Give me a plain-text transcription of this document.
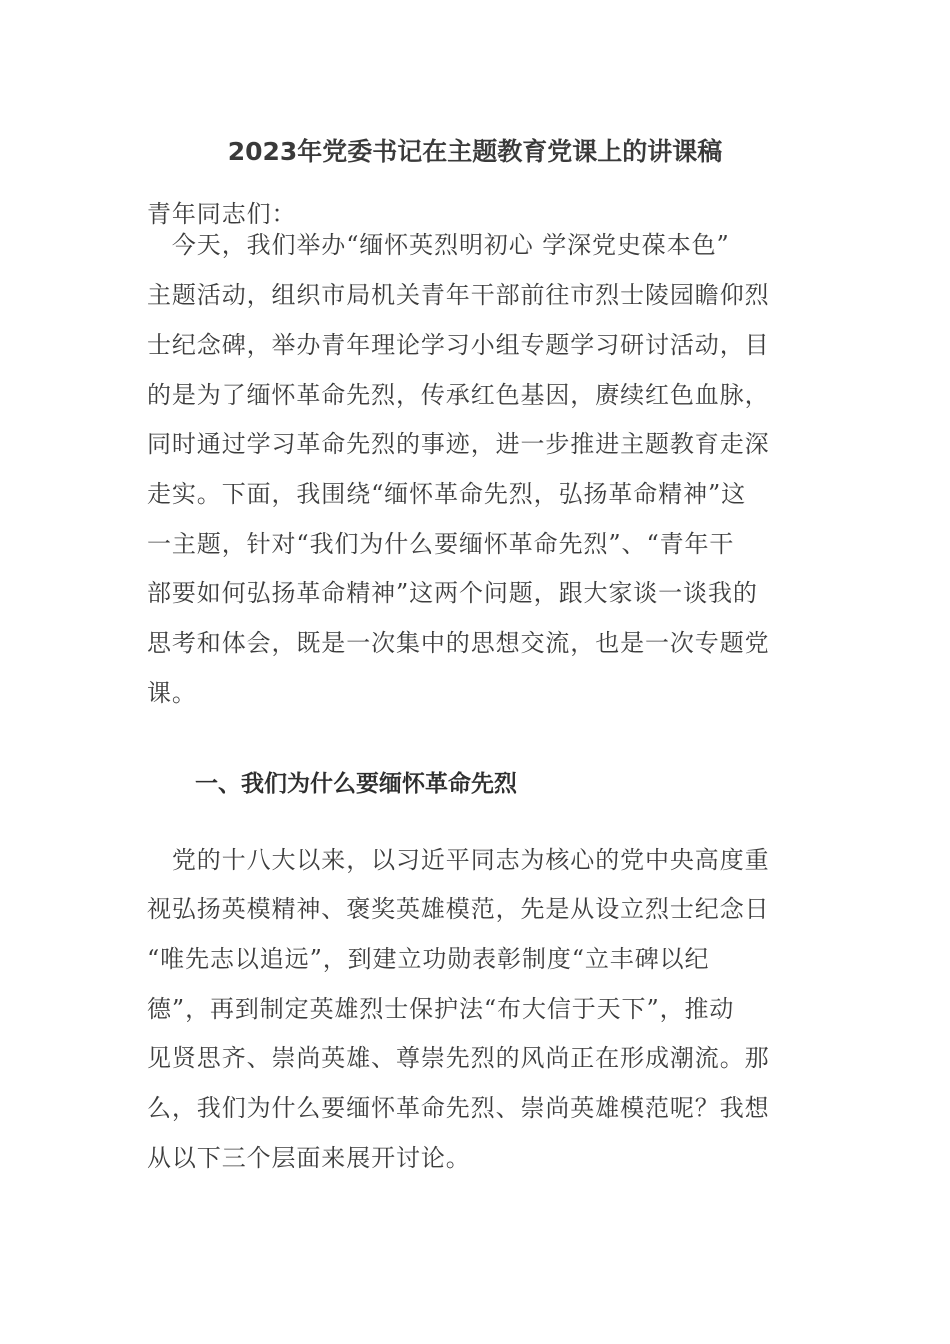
2023年党委书记在主题教育党课上的讲课稿
青年同志们：
　今天，我们举办“缅怀英烈明初心 学深党史葆本色”
主题活动，组织市局机关青年干部前往市烈士陵园瞻仰烈
士纪念碑，举办青年理论学习小组专题学习研讨活动，目
的是为了缅怀革命先烈，传承红色基因，赓续红色血脉，
同时通过学习革命先烈的事迹，进一步推进主题教育走深
走实。下面，我围绕“缅怀革命先烈，弘扬革命精神”这
一主题，针对“我们为什么要缅怀革命先烈”、“青年干
部要如何弘扬革命精神”这两个问题，跟大家谈一谈我的
思考和体会，既是一次集中的思想交流，也是一次专题党
课。
一、我们为什么要缅怀革命先烈
　党的十八大以来，以习近平同志为核心的党中央高度重
视弘扬英模精神、褒奖英雄模范，先是从设立烈士纪念日
“唯先志以追远”，到建立功勋表彰制度“立丰碑以纪
德”，再到制定英雄烈士保护法“布大信于天下”，推动
见贤思齐、崇尚英雄、尊崇先烈的风尚正在形成潮流。那
么，我们为什么要缅怀革命先烈、崇尚英雄模范呢？我想
从以下三个层面来展开讨论。
